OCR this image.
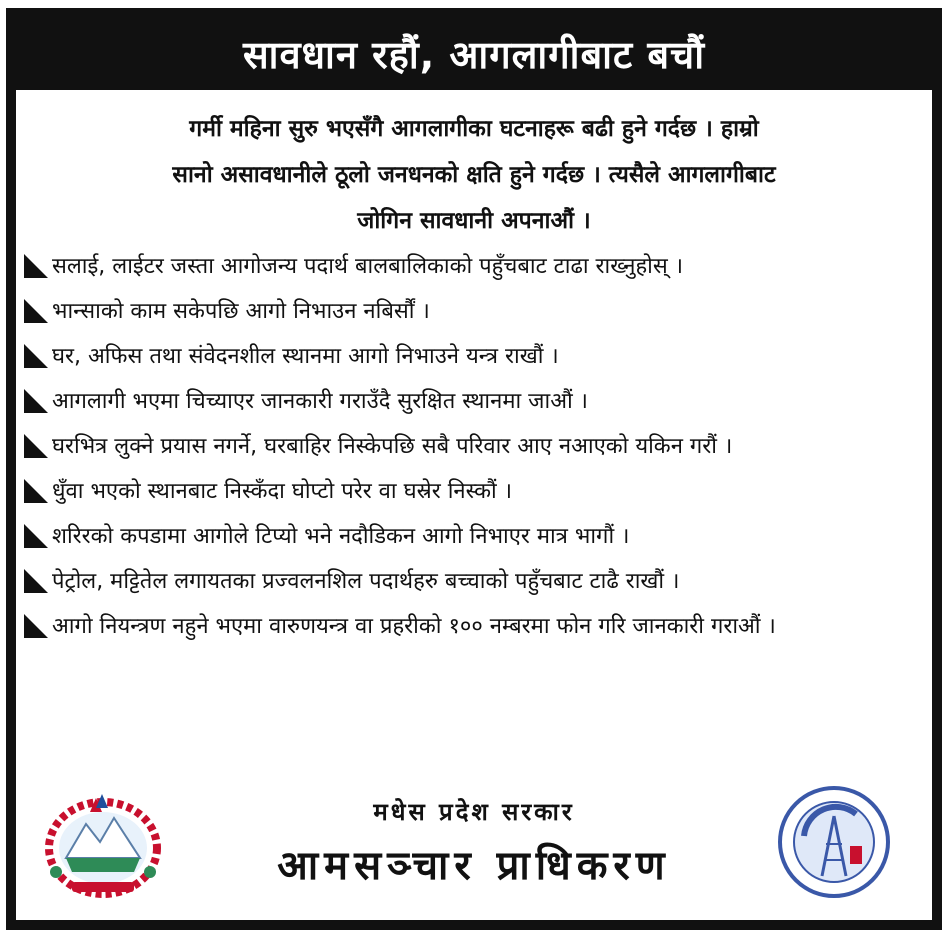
सावधान रहौं, आगलागीबाट बचौं
गर्मी महिना सुरु भएसँगै आगलागीका घटनाहरू बढी हुने गर्दछ । हाम्रो
सानो असावधानीले ठूलो जनधनको क्षति हुने गर्दछ । त्यसैले आगलागीबाट
जोगिन सावधानी अपनाऔं ।
सलाई, लाईटर जस्ता आगोजन्य पदार्थ बालबालिकाको पहुँचबाट टाढा राख्नुहोस् ।
भान्साको काम सकेपछि आगो निभाउन नबिर्सौं ।
घर, अफिस तथा संवेदनशील स्थानमा आगो निभाउने यन्त्र राखौं ।
आगलागी भएमा चिच्याएर जानकारी गराउँदै सुरक्षित स्थानमा जाऔं ।
घरभित्र लुक्ने प्रयास नगर्ने, घरबाहिर निस्केपछि सबै परिवार आए नआएको यकिन गरौं ।
धुँवा भएको स्थानबाट निस्कँदा घोप्टो परेर वा घस्रेर निस्कौं ।
शरिरको कपडामा आगोले टिप्यो भने नदौडिकन आगो निभाएर मात्र भागौं ।
पेट्रोल, मट्टितेल लगायतका प्रज्वलनशिल पदार्थहरु बच्चाको पहुँचबाट टाढै राखौं ।
आगो नियन्त्रण नहुने भएमा वारुणयन्त्र वा प्रहरीको १०० नम्बरमा फोन गरि जानकारी गराऔं ।
मधेस प्रदेश सरकार
आमसञ्चार प्राधिकरण
